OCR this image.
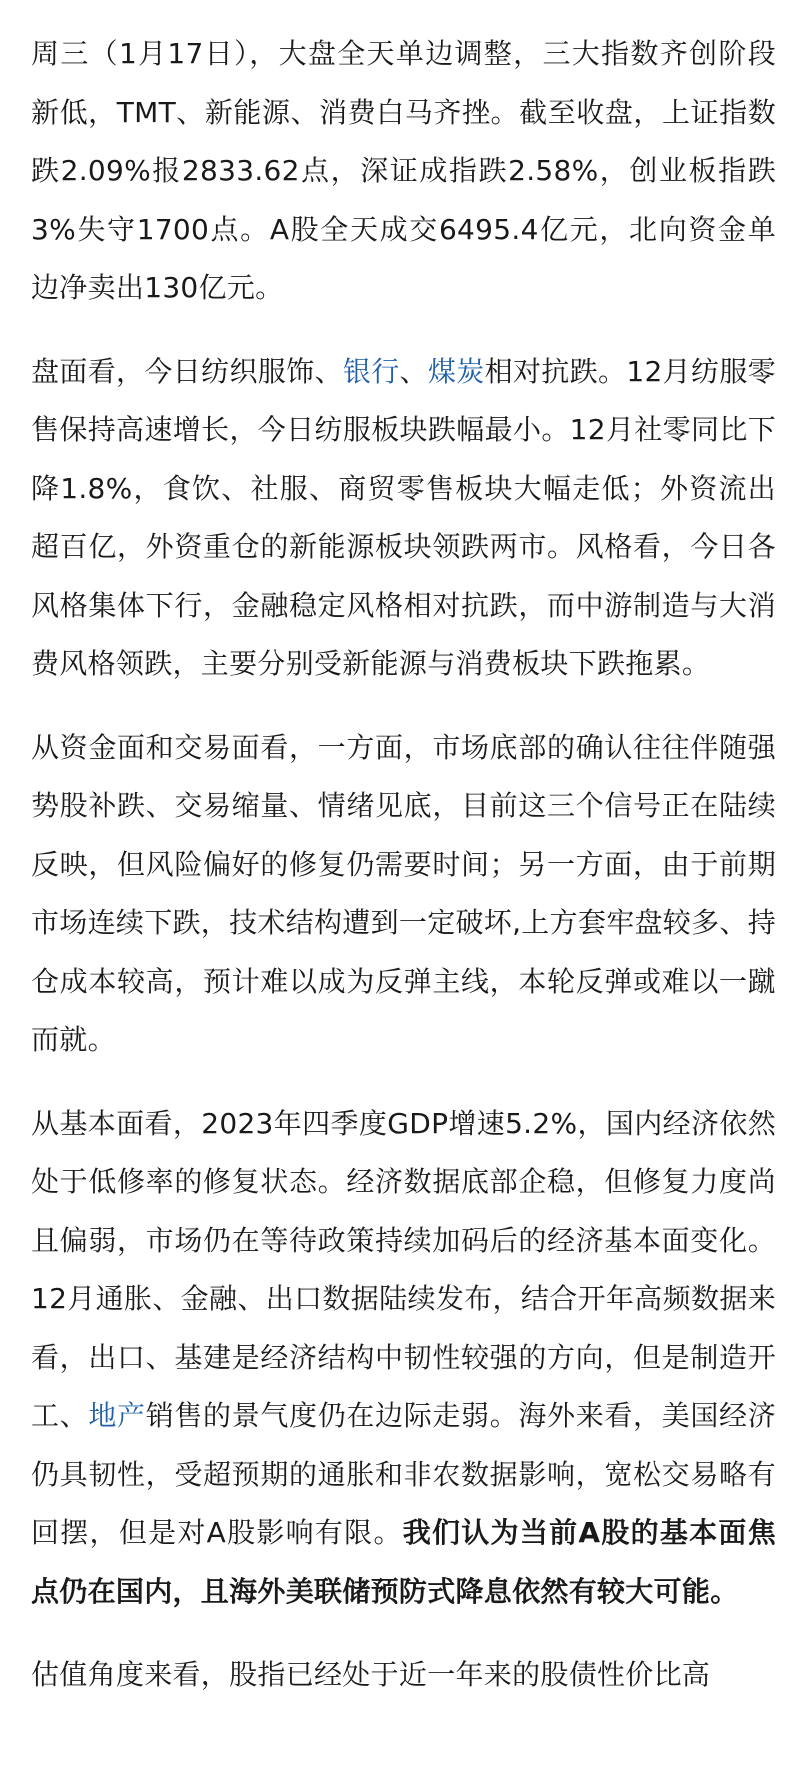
周三（1月17日），大盘全天单边调整，三大指数齐创阶段新低，TMT、新能源、消费白马齐挫。截至收盘，上证指数跌2.09%报2833.62点，深证成指跌2.58%，创业板指跌3%失守1700点。A股全天成交6495.4亿元，北向资金单边净卖出130亿元。

盘面看，今日纺织服饰、银行、煤炭相对抗跌。12月纺服零售保持高速增长，今日纺服板块跌幅最小。12月社零同比下降1.8%，食饮、社服、商贸零售板块大幅走低；外资流出超百亿，外资重仓的新能源板块领跌两市。风格看，今日各风格集体下行，金融稳定风格相对抗跌，而中游制造与大消费风格领跌，主要分别受新能源与消费板块下跌拖累。

从资金面和交易面看，一方面，市场底部的确认往往伴随强势股补跌、交易缩量、情绪见底，目前这三个信号正在陆续反映，但风险偏好的修复仍需要时间；另一方面，由于前期市场连续下跌，技术结构遭到一定破坏,上方套牢盘较多、持仓成本较高，预计难以成为反弹主线，本轮反弹或难以一蹴而就。

从基本面看，2023年四季度GDP增速5.2%，国内经济依然处于低修率的修复状态。经济数据底部企稳，但修复力度尚且偏弱，市场仍在等待政策持续加码后的经济基本面变化。12月通胀、金融、出口数据陆续发布，结合开年高频数据来看，出口、基建是经济结构中韧性较强的方向，但是制造开工、地产销售的景气度仍在边际走弱。海外来看，美国经济仍具韧性，受超预期的通胀和非农数据影响，宽松交易略有回摆，但是对A股影响有限。我们认为当前A股的基本面焦点仍在国内，且海外美联储预防式降息依然有较大可能。

估值角度来看，股指已经处于近一年来的股债性价比高
